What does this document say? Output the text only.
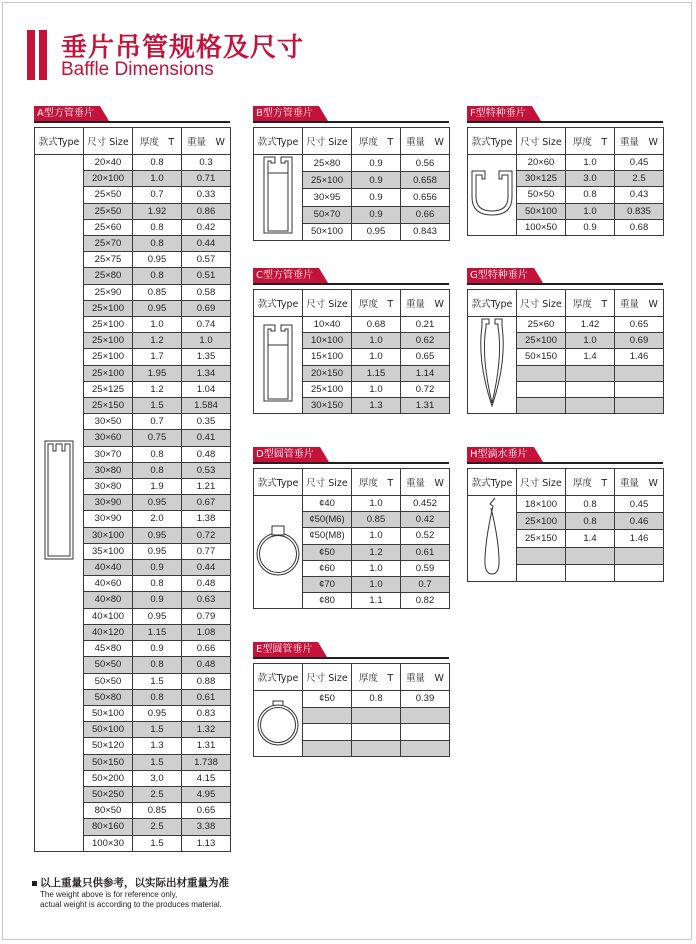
垂片吊管规格及尺寸
Baffle Dimensions
A型方管垂片
款式Type	尺寸 Size	厚度　T	重量　W
	20×40	0.8	0.3
	20×100	1.0	0.71
	25×50	0.7	0.33
	25×50	1.92	0.86
	25×60	0.8	0.42
	25×70	0.8	0.44
	25×75	0.95	0.57
	25×80	0.8	0.51
	25×90	0.85	0.58
	25×100	0.95	0.69
	25×100	1.0	0.74
	25×100	1.2	1.0
	25×100	1.7	1.35
	25×100	1.95	1.34
	25×125	1.2	1.04
	25×150	1.5	1.584
	30×50	0.7	0.35
	30×60	0.75	0.41
	30×70	0.8	0.48
	30×80	0.8	0.53
	30×80	1.9	1.21
	30×90	0.95	0.67
	30×90	2.0	1.38
	30×100	0.95	0.72
	35×100	0.95	0.77
	40×40	0.9	0.44
	40×60	0.8	0.48
	40×80	0.9	0.63
	40×100	0.95	0.79
	40×120	1.15	1.08
	45×80	0.9	0.66
	50×50	0.8	0.48
	50×50	1.5	0.88
	50×80	0.8	0.61
	50×100	0.95	0.83
	50×100	1.5	1.32
	50×120	1.3	1.31
	50×150	1.5	1.738
	50×200	3.0	4.15
	50×250	2.5	4.95
	80×50	0.85	0.65
	80×160	2.5	3.38
	100×30	1.5	1.13
B型方管垂片
款式Type	尺寸 Size	厚度　T	重量　W
	25×80	0.9	0.56
	25×100	0.9	0.658
	30×95	0.9	0.656
	50×70	0.9	0.66
	50×100	0.95	0.843
F型特种垂片
款式Type	尺寸 Size	厚度　T	重量　W
	20×60	1.0	0.45
	30×125	3.0	2.5
	50×50	0.8	0.43
	50×100	1.0	0.835
	100×50	0.9	0.68
C型方管垂片
款式Type	尺寸 Size	厚度　T	重量　W
	10×40	0.68	0.21
	10×100	1.0	0.62
	15×100	1.0	0.65
	20×150	1.15	1.14
	25×100	1.0	0.72
	30×150	1.3	1.31
G型特种垂片
款式Type	尺寸 Size	厚度　T	重量　W
	25×60	1.42	0.65
	25×100	1.0	0.69
	50×150	1.4	1.46

D型圆管垂片
款式Type	尺寸 Size	厚度　T	重量　W
	¢40	1.0	0.452
	¢50(M6)	0.85	0.42
	¢50(M8)	1.0	0.52
	¢50	1.2	0.61
	¢60	1.0	0.59
	¢70	1.0	0.7
	¢80	1.1	0.82
H型滴水垂片
款式Type	尺寸 Size	厚度　T	重量　W
	18×100	0.8	0.45
	25×100	0.8	0.46
	25×150	1.4	1.46

E型圆管垂片
款式Type	尺寸 Size	厚度　T	重量　W
	¢50	0.8	0.39

以上重量只供参考，以实际出材重量为准
The weight above is for reference only,
actual weight is according to the produces material.
